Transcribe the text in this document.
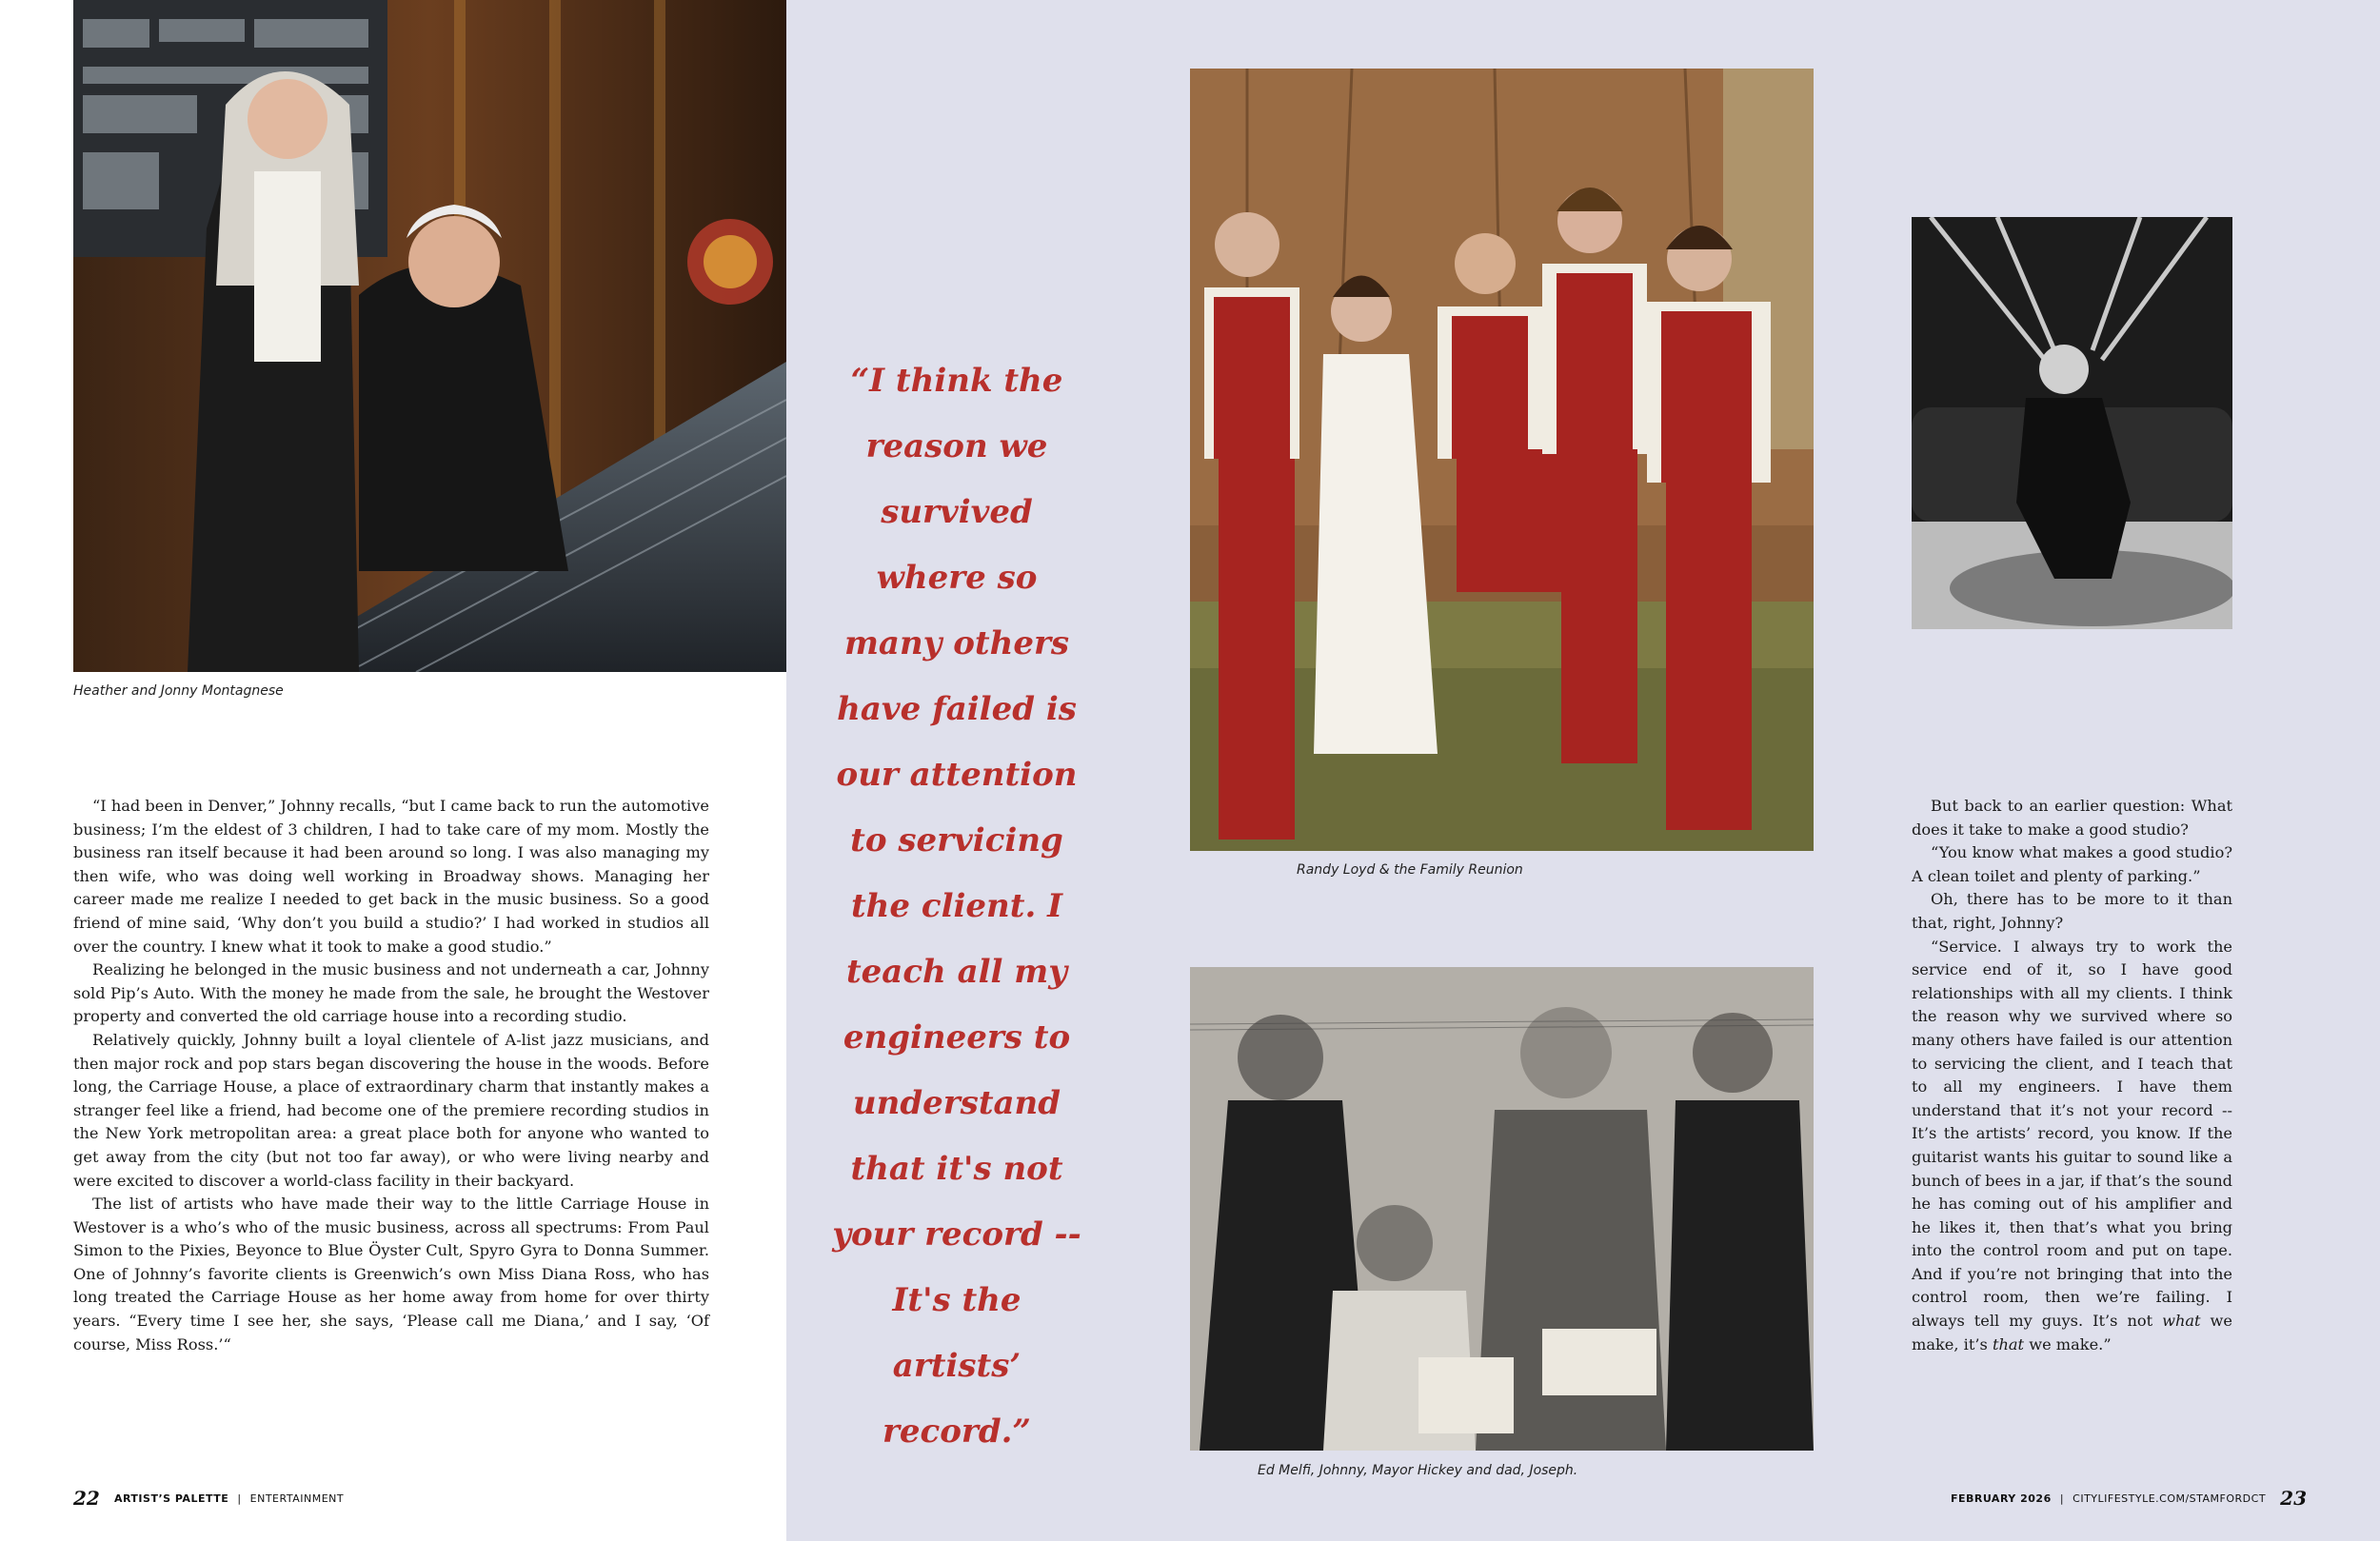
Heather and Jonny Montagnese

“I had been in Denver,” Johnny recalls, “but I came back to run the automotive business; I’m the eldest of 3 children, I had to take care of my mom. Mostly the business ran itself because it had been around so long. I was also managing my then wife, who was doing well working in Broadway shows. Managing her career made me realize I needed to get back in the music business. So a good friend of mine said, ‘Why don’t you build a studio?’ I had worked in studios all over the country. I knew what it took to make a good studio.”

Realizing he belonged in the music business and not underneath a car, Johnny sold Pip’s Auto. With the money he made from the sale, he brought the Westover property and converted the old carriage house into a recording studio.

Relatively quickly, Johnny built a loyal clientele of A-list jazz musicians, and then major rock and pop stars began discovering the house in the woods. Before long, the Carriage House, a place of extraordinary charm that instantly makes a stranger feel like a friend, had become one of the premiere recording studios in the New York metropolitan area: a great place both for anyone who wanted to get away from the city (but not too far away), or who were living nearby and were excited to discover a world-class facility in their backyard.

The list of artists who have made their way to the little Carriage House in Westover is a who’s who of the music business, across all spectrums: From Paul Simon to the Pixies, Beyonce to Blue Öyster Cult, Spyro Gyra to Donna Summer. One of Johnny’s favorite clients is Greenwich’s own Miss Diana Ross, who has long treated the Carriage House as her home away from home for over thirty years. “Every time I see her, she says, ‘Please call me Diana,’ and I say, ‘Of course, Miss Ross.’“

22 ARTIST’S PALETTE | ENTERTAINMENT

“I think the reason we survived where so many others have failed is our attention to servicing the client. I teach all my engineers to understand that it's not your record -- It's the artists’ record.”

Randy Loyd & the Family Reunion

Ed Melfi, Johnny, Mayor Hickey and dad, Joseph.

But back to an earlier question: What does it take to make a good studio?

“You know what makes a good studio? A clean toilet and plenty of parking.”

Oh, there has to be more to it than that, right, Johnny?

“Service. I always try to work the service end of it, so I have good relationships with all my clients. I think the reason why we survived where so many others have failed is our attention to servicing the client, and I teach that to all my engineers. I have them understand that it’s not your record -- It’s the artists’ record, you know. If the guitarist wants his guitar to sound like a bunch of bees in a jar, if that’s the sound he has coming out of his amplifier and he likes it, then that’s what you bring into the control room and put on tape. And if you’re not bringing that into the control room, then we’re failing. I always tell my guys. It’s not what we make, it’s that we make.”

FEBRUARY 2026 | CITYLIFESTYLE.COM/STAMFORDCT 23
